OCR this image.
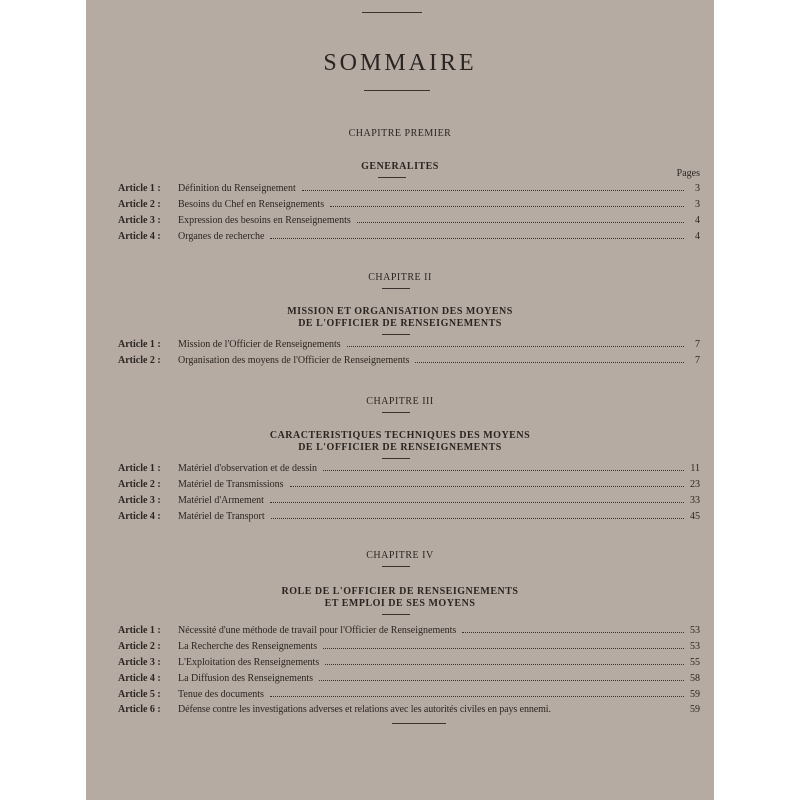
SOMMAIRE
Pages
CHAPITRE PREMIER
GENERALITES
Article 1 :	Définition du Renseignement	3
Article 2 :	Besoins du Chef en Renseignements	3
Article 3 :	Expression des besoins en Renseignements	4
Article 4 :	Organes de recherche	4
CHAPITRE II
MISSION ET ORGANISATION DES MOYENS
DE L'OFFICIER DE RENSEIGNEMENTS
Article 1 :	Mission de l'Officier de Renseignements	7
Article 2 :	Organisation des moyens de l'Officier de Renseignements	7
CHAPITRE III
CARACTERISTIQUES TECHNIQUES DES MOYENS
DE L'OFFICIER DE RENSEIGNEMENTS
Article 1 :	Matériel d'observation et de dessin	11
Article 2 :	Matériel de Transmissions	23
Article 3 :	Matériel d'Armement	33
Article 4 :	Matériel de Transport	45
CHAPITRE IV
ROLE DE L'OFFICIER DE RENSEIGNEMENTS
ET EMPLOI DE SES MOYENS
Article 1 :	Nécessité d'une méthode de travail pour l'Officier de Renseignements	53
Article 2 :	La Recherche des Renseignements	53
Article 3 :	L'Exploitation des Renseignements	55
Article 4 :	La Diffusion des Renseignements	58
Article 5 :	Tenue des documents	59
Article 6 :	Défense contre les investigations adverses et relations avec les autorités civiles en pays ennemi.	59
